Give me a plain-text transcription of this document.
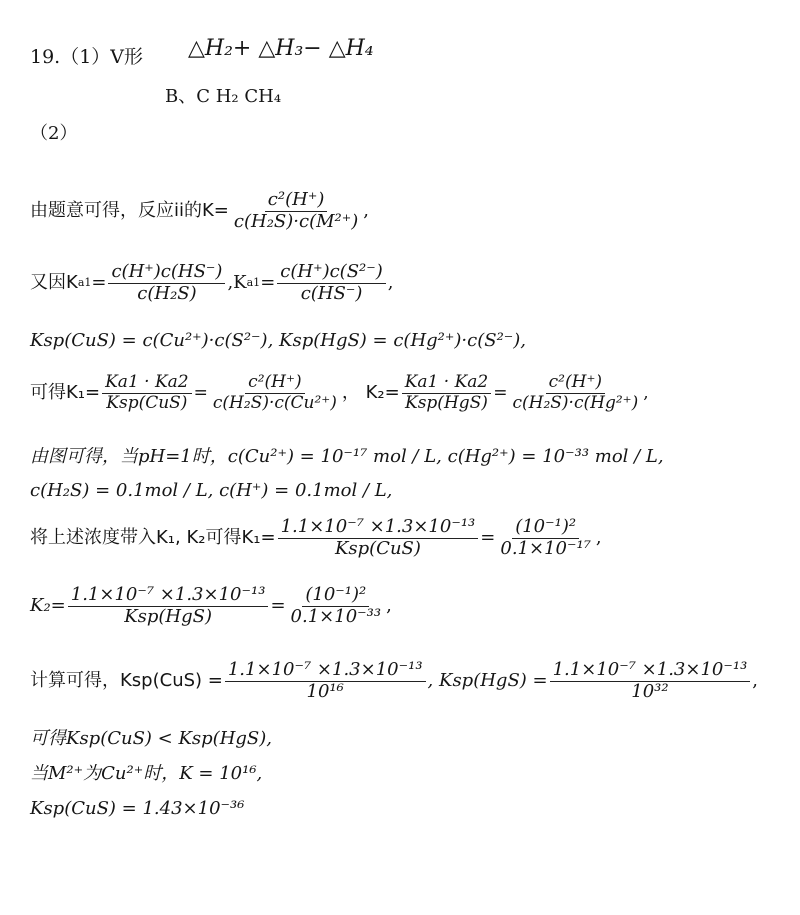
19.（1）V形 △H₂+ △H₃− △H₄
B、C H₂ CH₄
（2）
由题意可得，反应ii的$K= \frac{\text{c²(H⁺)}}{\text{c(H₂S)·c(M²⁺)}}$ ,
又因K $a1 = \frac{c(H^+)c(HS^-)}{\text{c(H₂S)}} ,K$ $a1 = \frac{\text{c(H⁺)c(S²⁻)}}{c(HS^-)}$ ,
Ksp(CuS) = c(Cu²⁺)·c(S²⁻), Ksp(HgS) = c(Hg²⁺)·c(S²⁻),
可得$K_1= \frac{Ka1 \cdot Ka2}{\text{Ksp(CuS)}} = \frac{\text{c²(H⁺)}}{\text{c(H₂S)·c(Cu²⁺)}}$ ， $K_2= \frac{Ka1 \cdot Ka2}{\text{Ksp(HgS)}} = \frac{\text{c²(H⁺)}}{\text{c(H₂S)·c(Hg²⁺)}}$ ,
由图可得，当pH=1时，c(Cu²⁺) = 10⁻¹⁷ mol / L, c(Hg²⁺) = 10⁻³³ mol / L,
c(H₂S) = 0.1mol / L, c(H⁺) = 0.1mol / L,
将上述浓度带入K₁, K₂可得$K_1= \frac{\text{1.1×10⁻⁷ ×1.3×10⁻¹³}}{\text{Ksp(CuS)}} = \frac{\text{(10⁻¹)²}}{\text{0.1×10⁻¹⁷}}$ ,
$K_2= \frac{\text{1.1×10⁻⁷ ×1.3×10⁻¹³}}{\text{Ksp(HgS)}} = \frac{\text{(10⁻¹)²}}{\text{0.1×10⁻³³}}$ ,
计算可得，$Ksp(CuS) = \frac{\text{1.1×10⁻⁷ ×1.3×10⁻¹³}}{\text{10¹⁶}}$ , $Ksp(HgS) = \frac{\text{1.1×10⁻⁷ ×1.3×10⁻¹³}}{\text{10³²}}$ ,
可得Ksp(CuS) < Ksp(HgS),
当M²⁺为Cu²⁺时，K = 10¹⁶,
Ksp(CuS) = 1.43×10⁻³⁶
